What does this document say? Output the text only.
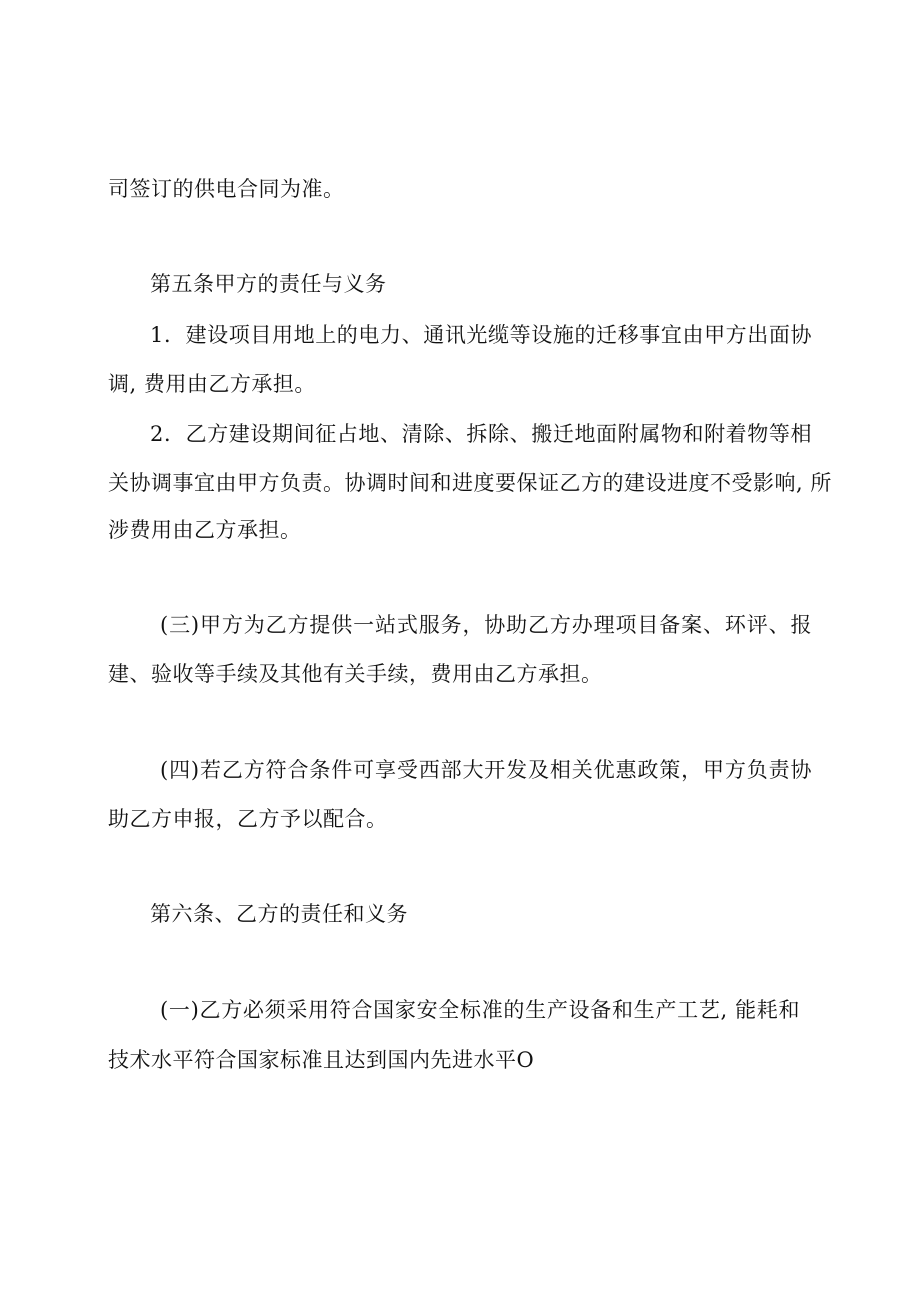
司签订的供电合同为准。
第五条甲方的责任与义务
1．建设项目用地上的电力、通讯光缆等设施的迁移事宜由甲方出面协
调, 费用由乙方承担。
2．乙方建设期间征占地、清除、拆除、搬迁地面附属物和附着物等相
关协调事宜由甲方负责。协调时间和进度要保证乙方的建设进度不受影响, 所
涉费用由乙方承担。
(三)甲方为乙方提供一站式服务，协助乙方办理项目备案、环评、报
建、验收等手续及其他有关手续，费用由乙方承担。
(四)若乙方符合条件可享受西部大开发及相关优惠政策，甲方负责协
助乙方申报，乙方予以配合。
第六条、乙方的责任和义务
(一)乙方必须采用符合国家安全标准的生产设备和生产工艺, 能耗和
技术水平符合国家标准且达到国内先进水平O
